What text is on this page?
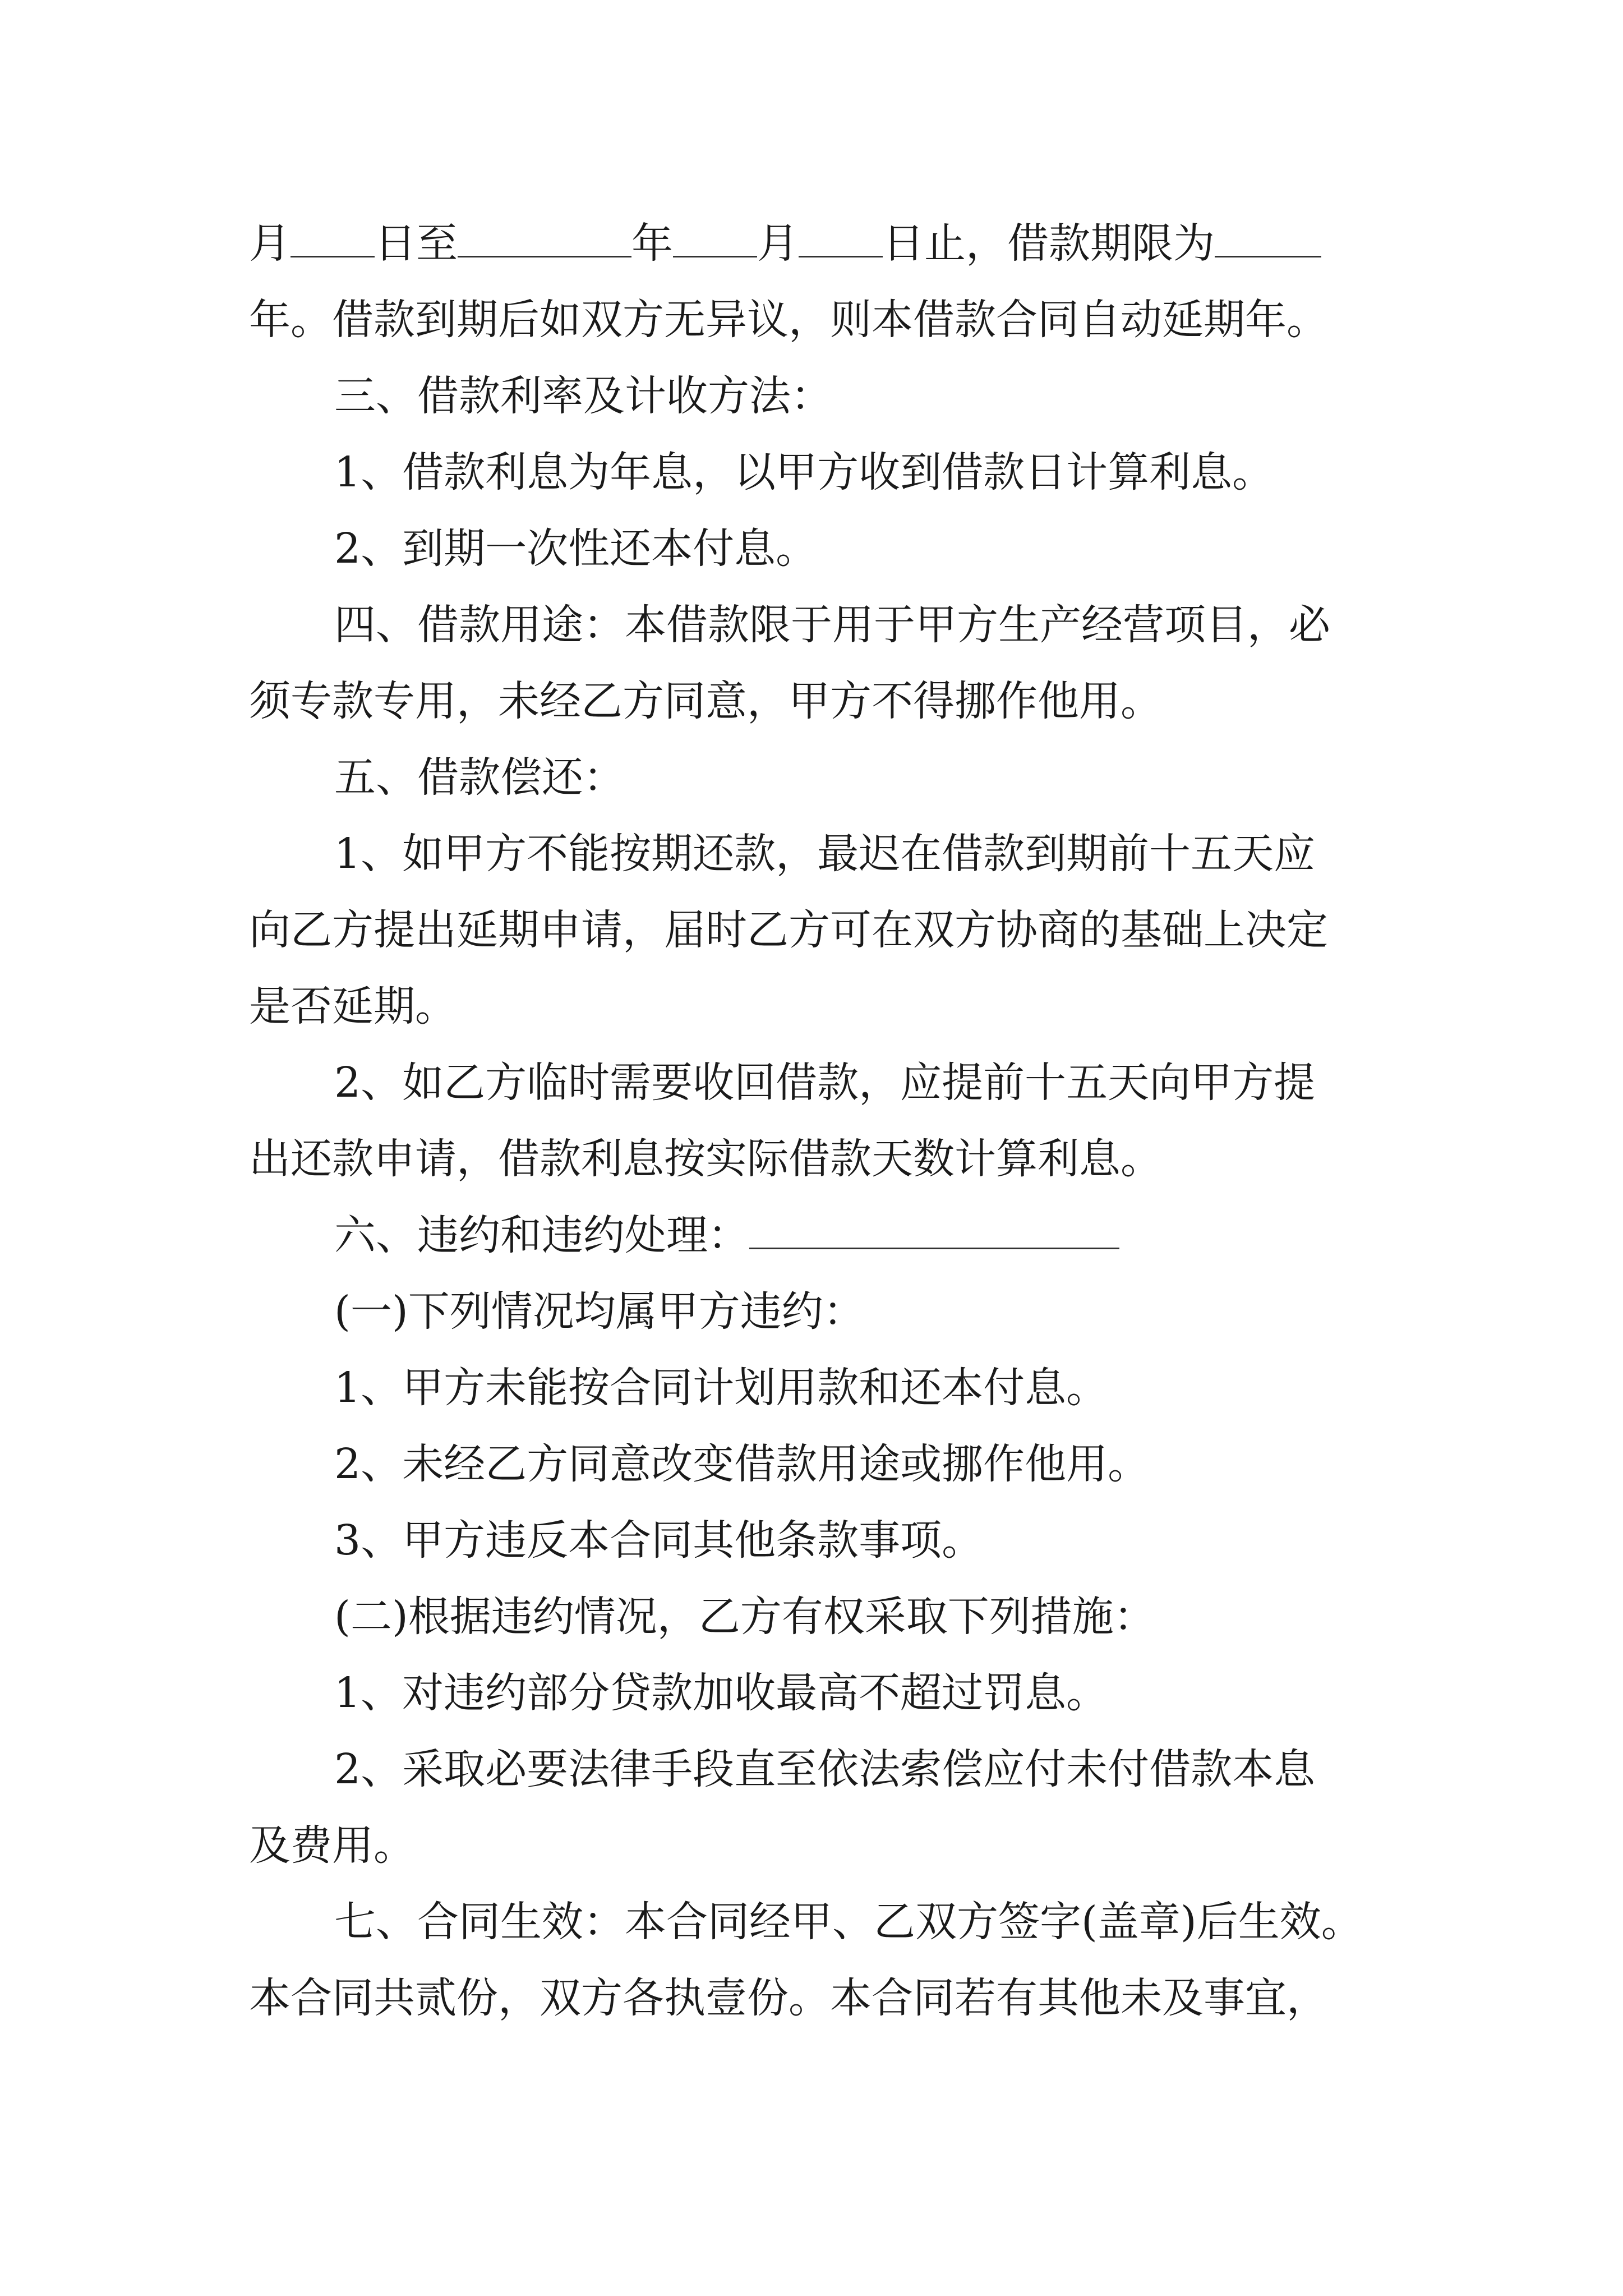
月 日至	年 月 日止，借款期限为
年。借款到期后如双方无异议，则本借款合同自动延期年。
三、借款利率及计收方法：
1、借款利息为年息，以甲方收到借款日计算利息。
2、到期一次性还本付息。
四、借款用途：本借款限于用于甲方生产经营项目，必
须专款专用，未经乙方同意，甲方不得挪作他用。
五、借款偿还：
1、如甲方不能按期还款，最迟在借款到期前十五天应
向乙方提出延期申请，届时乙方可在双方协商的基础上决定
是否延期。
2、如乙方临时需要收回借款，应提前十五天向甲方提
出还款申请，借款利息按实际借款天数计算利息。
六、违约和违约处理：
(一)下列情况均属甲方违约：
1、甲方未能按合同计划用款和还本付息。
2、未经乙方同意改变借款用途或挪作他用。
3、甲方违反本合同其他条款事项。
(二)根据违约情况，乙方有权采取下列措施：
1、对违约部分贷款加收最高不超过罚息。
2、采取必要法律手段直至依法索偿应付未付借款本息
及费用。
七、合同生效：本合同经甲、乙双方签字(盖章)后生效。
本合同共贰份，双方各执壹份。本合同若有其他未及事宜，
